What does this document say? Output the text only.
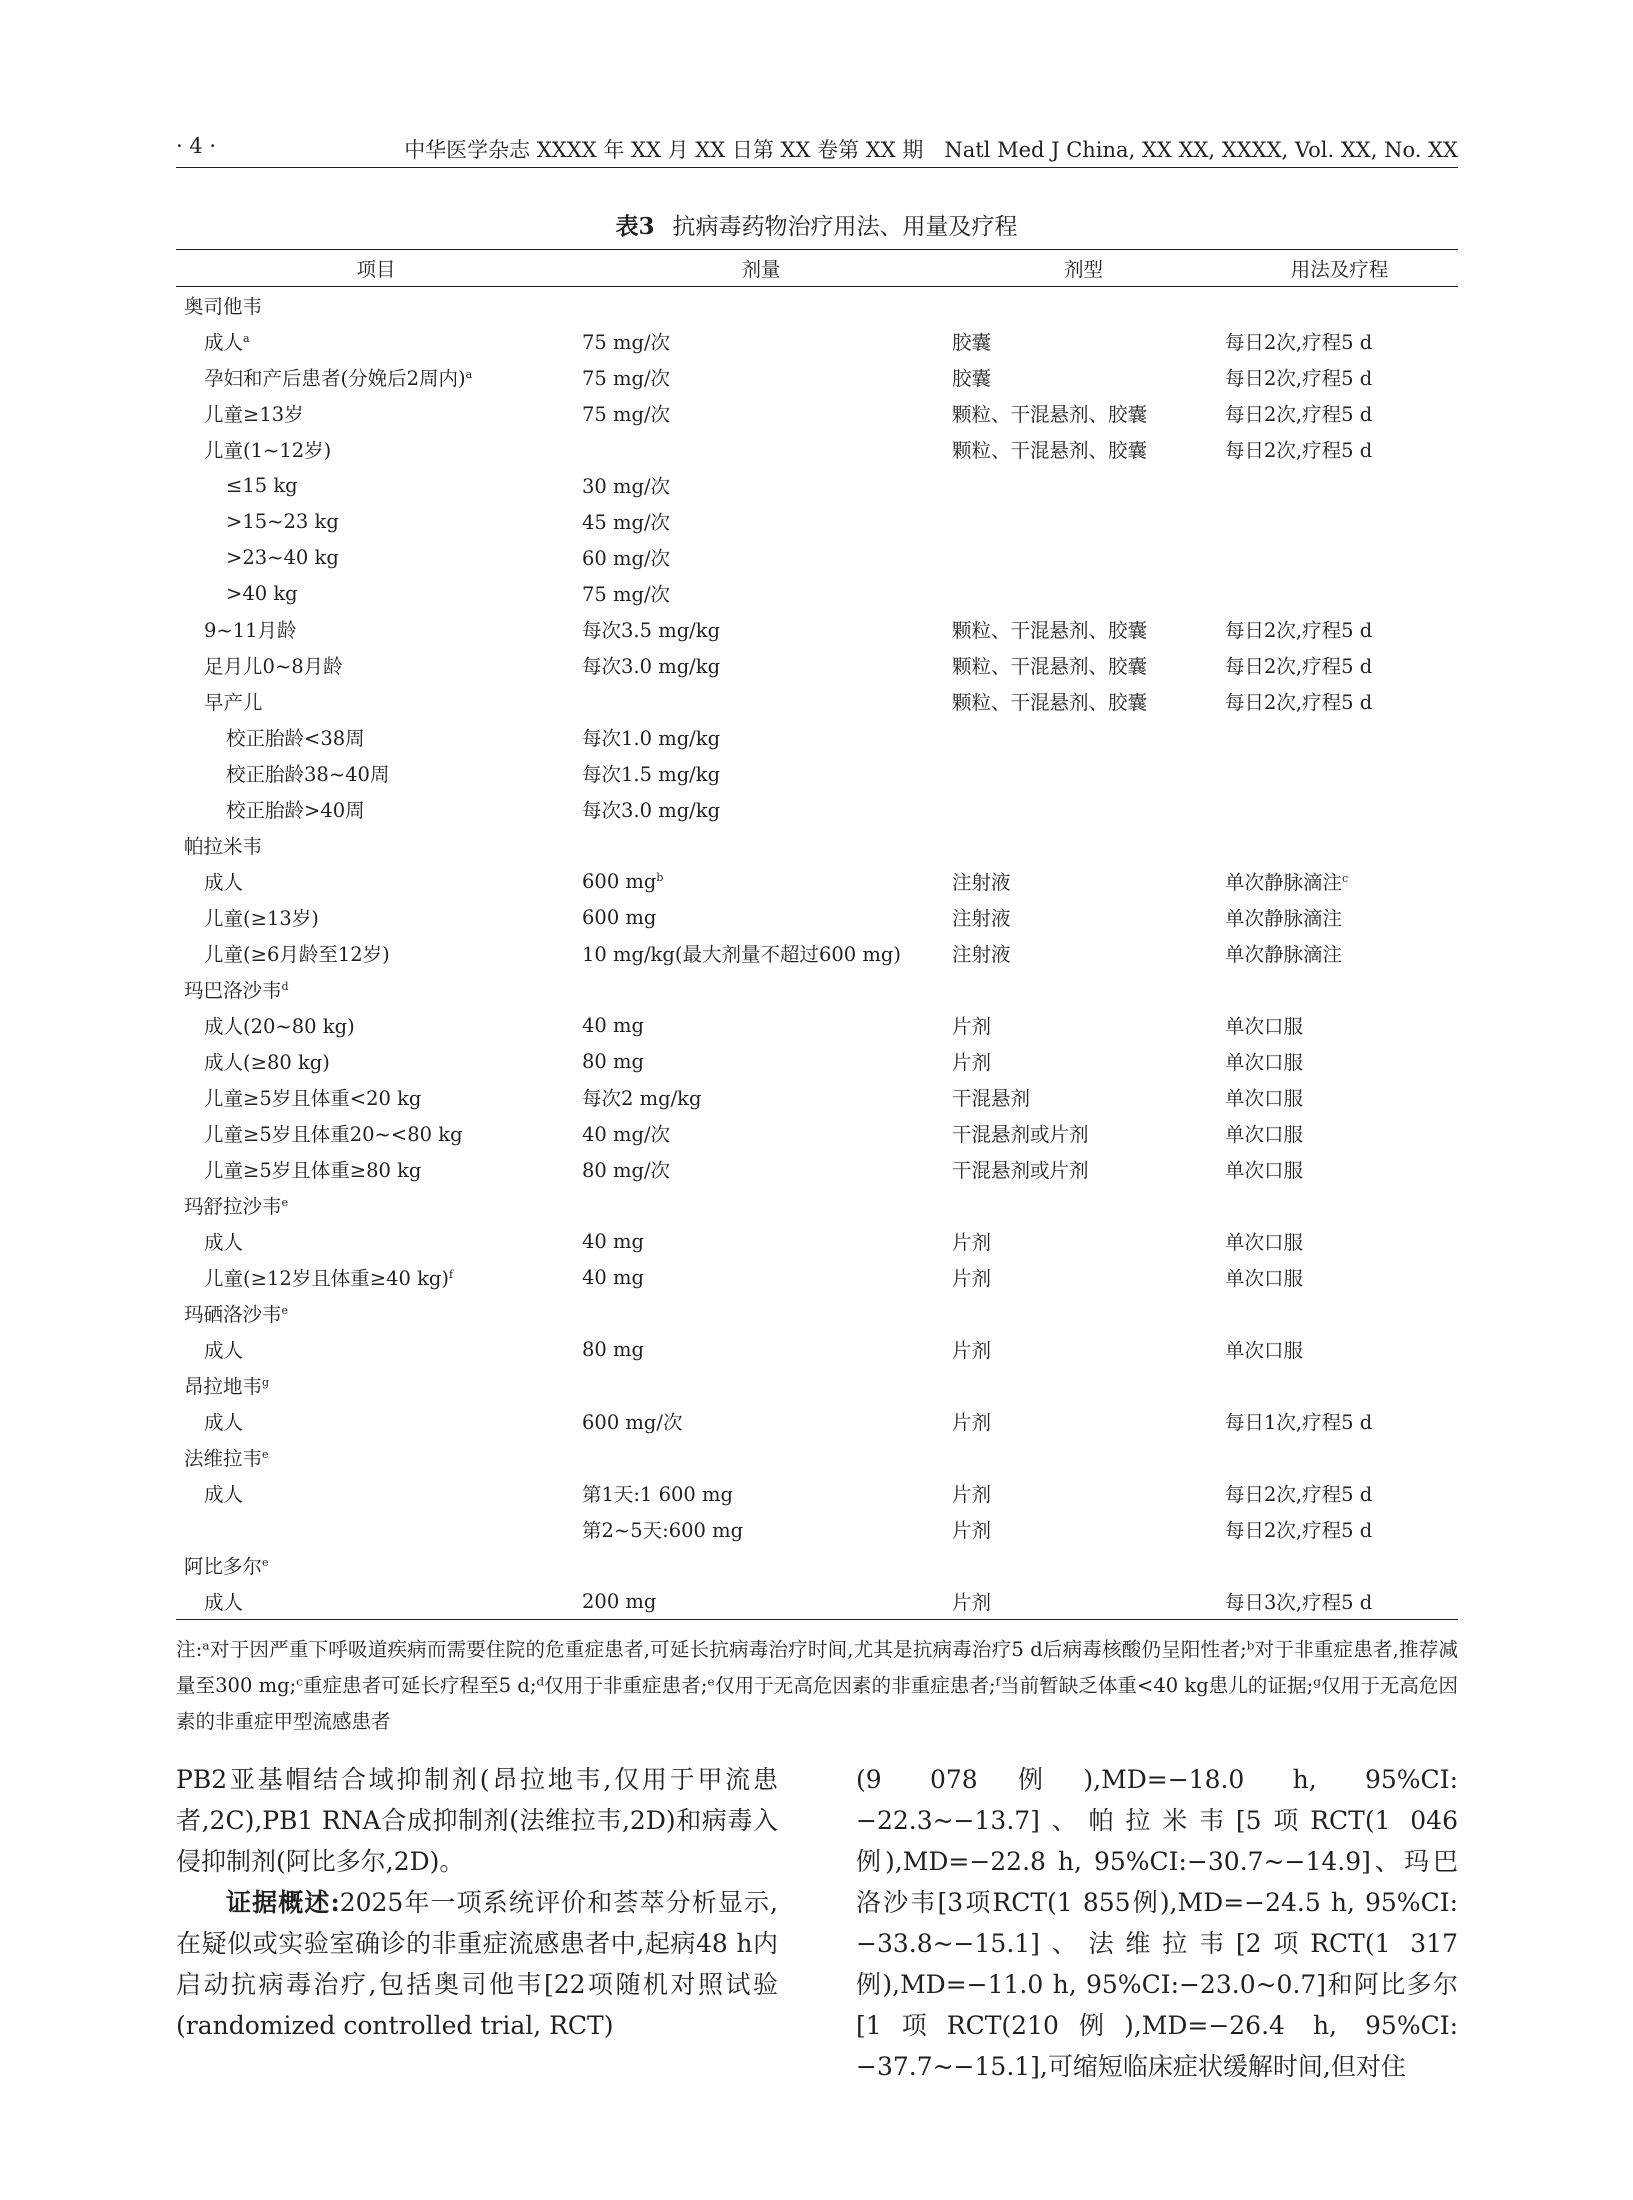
· 4 ·	中华医学杂志 XXXX 年 XX 月 XX 日第 XX 卷第 XX 期　Natl Med J China, XX XX, XXXX, Vol. XX, No. XX
表3 抗病毒药物治疗用法、用量及疗程
项目	剂量	剂型	用法及疗程
奥司他韦			
成人$^a$	75 mg/次	胶囊	每日2次,疗程5 d
孕妇和产后患者(分娩后2周内)$^a$	75 mg/次	胶囊	每日2次,疗程5 d
儿童≥13岁	75 mg/次	颗粒、干混悬剂、胶囊	每日2次,疗程5 d
儿童(1~12岁)		颗粒、干混悬剂、胶囊	每日2次,疗程5 d
≤15 kg	30 mg/次		
>15~23 kg	45 mg/次		
>23~40 kg	60 mg/次		
>40 kg	75 mg/次		
9~11月龄	每次3.5 mg/kg	颗粒、干混悬剂、胶囊	每日2次,疗程5 d
足月儿0~8月龄	每次3.0 mg/kg	颗粒、干混悬剂、胶囊	每日2次,疗程5 d
早产儿		颗粒、干混悬剂、胶囊	每日2次,疗程5 d
校正胎龄<38周	每次1.0 mg/kg		
校正胎龄38~40周	每次1.5 mg/kg		
校正胎龄>40周	每次3.0 mg/kg		
帕拉米韦			
成人	600 $mg^b$	注射液	单次静脉滴注$^c$
儿童(≥13岁)	600 mg	注射液	单次静脉滴注
儿童(≥6月龄至12岁)	10 mg/kg(最大剂量不超过600 mg)	注射液	单次静脉滴注
玛巴洛沙韦$^d$			
成人(20~80 kg)	40 mg	片剂	单次口服
成人(≥80 kg)	80 mg	片剂	单次口服
儿童≥5岁且体重<20 kg	每次2 mg/kg	干混悬剂	单次口服
儿童≥5岁且体重20~<80 kg	40 mg/次	干混悬剂或片剂	单次口服
儿童≥5岁且体重≥80 kg	80 mg/次	干混悬剂或片剂	单次口服
玛舒拉沙韦$^e$			
成人	40 mg	片剂	单次口服
儿童(≥12岁且体重≥40 kg)$^f$	40 mg	片剂	单次口服
玛硒洛沙韦$^e$			
成人	80 mg	片剂	单次口服
昂拉地韦$^g$			
成人	600 mg/次	片剂	每日1次,疗程5 d
法维拉韦$^e$			
成人	第1天:1 600 mg	片剂	每日2次,疗程5 d
	第2~5天:600 mg	片剂	每日2次,疗程5 d
阿比多尔$^e$			
成人	200 mg	片剂	每日3次,疗程5 d
注:ᵃ对于因严重下呼吸道疾病而需要住院的危重症患者,可延长抗病毒治疗时间,尤其是抗病毒治疗5 d后病毒核酸仍呈阳性者;ᵇ对于非重症患者,推荐减量至300 mg;ᶜ重症患者可延长疗程至5 d;ᵈ仅用于非重症患者;ᵉ仅用于无高危因素的非重症患者;ᶠ当前暂缺乏体重<40 kg患儿的证据;ᵍ仅用于无高危因素的非重症甲型流感患者

PB2亚基帽结合域抑制剂(昂拉地韦,仅用于甲流患者,2C),PB1 RNA合成抑制剂(法维拉韦,2D)和病毒入侵抑制剂(阿比多尔,2D)。

证据概述:2025年一项系统评价和荟萃分析显示,在疑似或实验室确诊的非重症流感患者中,起病48 h内启动抗病毒治疗,包括奥司他韦[22项随机对照试验(randomized controlled trial, RCT)

(9 078例),MD=−18.0 h, 95%CI:−22.3~−13.7]、帕拉米韦[5项RCT(1 046例),MD=−22.8 h, 95%CI:−30.7~−14.9]、玛巴洛沙韦[3项RCT(1 855例),MD=−24.5 h, 95%CI:−33.8~−15.1]、法维拉韦[2项RCT(1 317例),MD=−11.0 h, 95%CI:−23.0~0.7]和阿比多尔[1项RCT(210例),MD=−26.4 h, 95%CI:−37.7~−15.1],可缩短临床症状缓解时间,但对住
